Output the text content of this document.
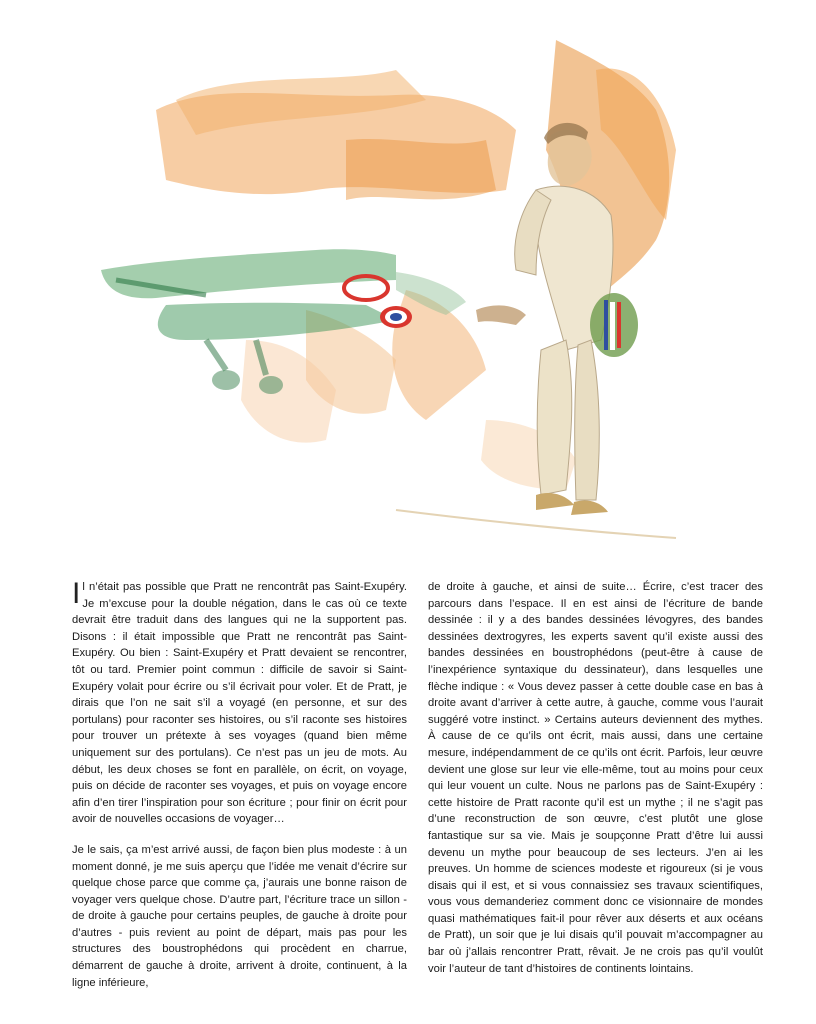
Il n’était pas possible que Pratt ne rencontrât pas Saint-Exupéry. Je m’excuse pour la double négation, dans le cas où ce texte devrait être traduit dans des langues qui ne la supportent pas. Disons : il était impossible que Pratt ne rencontrât pas Saint-Exupéry. Ou bien : Saint-Exupéry et Pratt devaient se rencontrer, tôt ou tard. Premier point commun : difficile de savoir si Saint-Exupéry volait pour écrire ou s’il écrivait pour voler. Et de Pratt, je dirais que l’on ne sait s’il a voyagé (en personne, et sur des portulans) pour raconter ses histoires, ou s’il raconte ses histoires pour trouver un prétexte à ses voyages (quand bien même uniquement sur des portulans). Ce n’est pas un jeu de mots. Au début, les deux choses se font en parallèle, on écrit, on voyage, puis on décide de raconter ses voyages, et puis on voyage encore afin d’en tirer l’inspiration pour son écriture ; pour finir on écrit pour avoir de nouvelles occasions de voyager…

Je le sais, ça m’est arrivé aussi, de façon bien plus modeste : à un moment donné, je me suis aperçu que l’idée me venait d’écrire sur quelque chose parce que comme ça, j’aurais une bonne raison de voyager vers quelque chose. D’autre part, l’écriture trace un sillon - de droite à gauche pour certains peuples, de gauche à droite pour d’autres - puis revient au point de départ, mais pas pour les structures des boustrophédons qui procèdent en charrue, démarrent de gauche à droite, arrivent à droite, continuent, à la ligne inférieure,

de droite à gauche, et ainsi de suite… Écrire, c’est tracer des parcours dans l’espace. Il en est ainsi de l’écriture de bande dessinée : il y a des bandes dessinées lévogyres, des bandes dessinées dextrogyres, les experts savent qu’il existe aussi des bandes dessinées en boustrophédons (peut-être à cause de l’inexpérience syntaxique du dessinateur), dans lesquelles une flèche indique : « Vous devez passer à cette double case en bas à droite avant d’arriver à cette autre, à gauche, comme vous l’aurait suggéré votre instinct. » Certains auteurs deviennent des mythes. À cause de ce qu’ils ont écrit, mais aussi, dans une certaine mesure, indépendamment de ce qu’ils ont écrit. Parfois, leur œuvre devient une glose sur leur vie elle-même, tout au moins pour ceux qui leur vouent un culte. Nous ne parlons pas de Saint-Exupéry : cette histoire de Pratt raconte qu’il est un mythe ; il ne s’agit pas d’une reconstruction de son œuvre, c’est plutôt une glose fantastique sur sa vie. Mais je soupçonne Pratt d’être lui aussi devenu un mythe pour beaucoup de ses lecteurs. J’en ai les preuves. Un homme de sciences modeste et rigoureux (si je vous disais qui il est, et si vous connaissiez ses travaux scientifiques, vous vous demanderiez comment donc ce visionnaire de mondes quasi mathématiques fait-il pour rêver aux déserts et aux océans de Pratt), un soir que je lui disais qu’il pouvait m’accompagner au bar où j’allais rencontrer Pratt, rêvait. Je ne crois pas qu’il voulût voir l’auteur de tant d’histoires de continents lointains.
